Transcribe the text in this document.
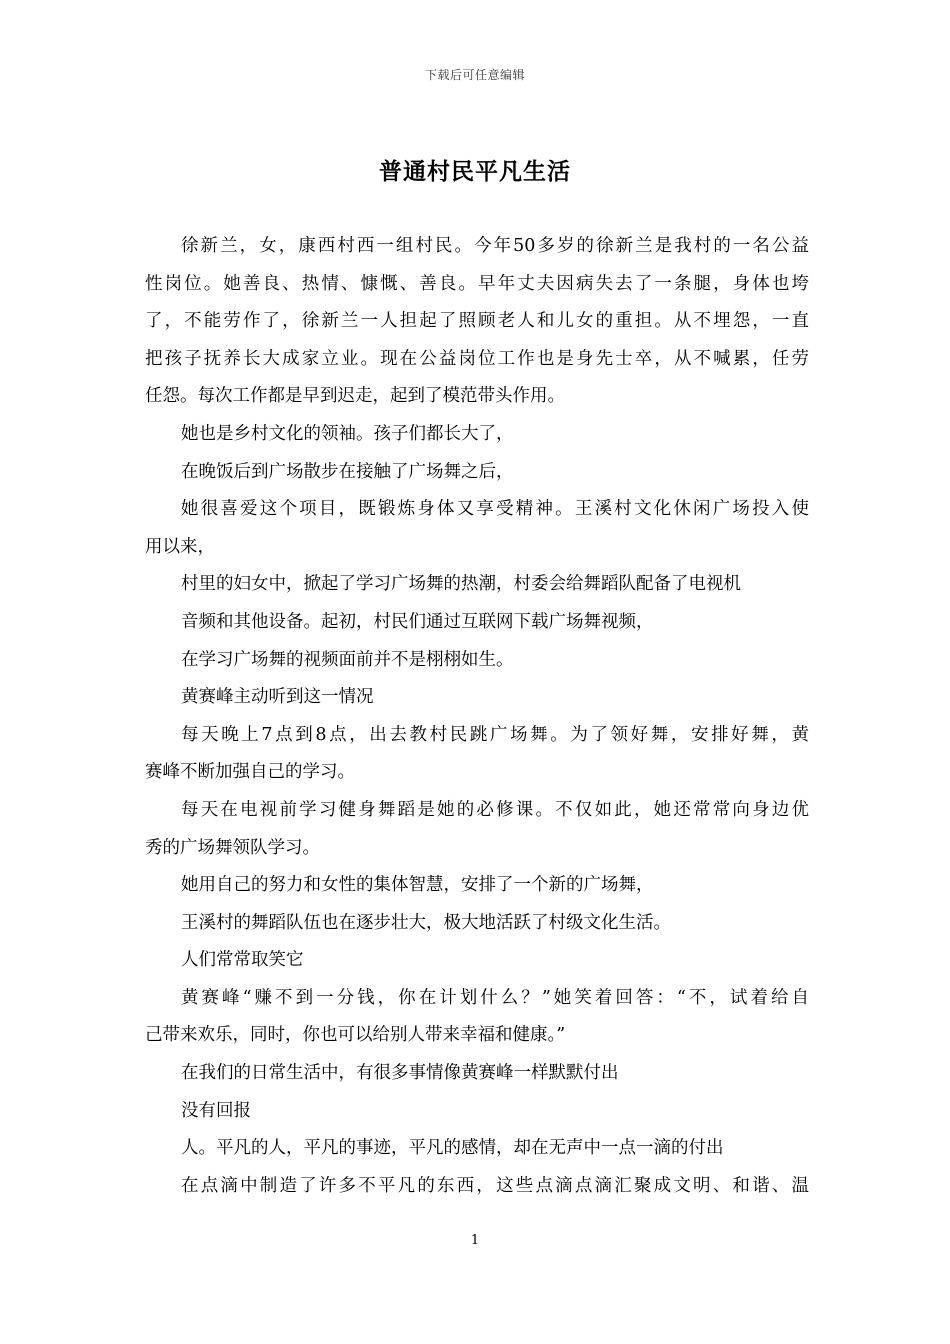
下载后可任意编辑
普通村民平凡生活
徐新兰，女，康西村西一组村民。今年50多岁的徐新兰是我村的一名公益
性岗位。她善良、热情、慷慨、善良。早年丈夫因病失去了一条腿，身体也垮
了，不能劳作了，徐新兰一人担起了照顾老人和儿女的重担。从不埋怨，一直
把孩子抚养长大成家立业。现在公益岗位工作也是身先士卒，从不喊累，任劳
任怨。每次工作都是早到迟走，起到了模范带头作用。
她也是乡村文化的领袖。孩子们都长大了，
在晚饭后到广场散步在接触了广场舞之后，
她很喜爱这个项目，既锻炼身体又享受精神。王溪村文化休闲广场投入使
用以来，
村里的妇女中，掀起了学习广场舞的热潮，村委会给舞蹈队配备了电视机
音频和其他设备。起初，村民们通过互联网下载广场舞视频，
在学习广场舞的视频面前并不是栩栩如生。
黄赛峰主动听到这一情况
每天晚上7点到8点，出去教村民跳广场舞。为了领好舞，安排好舞，黄
赛峰不断加强自己的学习。
每天在电视前学习健身舞蹈是她的必修课。不仅如此，她还常常向身边优
秀的广场舞领队学习。
她用自己的努力和女性的集体智慧，安排了一个新的广场舞，
王溪村的舞蹈队伍也在逐步壮大，极大地活跃了村级文化生活。
人们常常取笑它
黄赛峰“赚不到一分钱，你在计划什么？”她笑着回答：“不，试着给自
己带来欢乐，同时，你也可以给别人带来幸福和健康。”
在我们的日常生活中，有很多事情像黄赛峰一样默默付出
没有回报
人。平凡的人，平凡的事迹，平凡的感情，却在无声中一点一滴的付出
在点滴中制造了许多不平凡的东西，这些点滴点滴汇聚成文明、和谐、温
1
